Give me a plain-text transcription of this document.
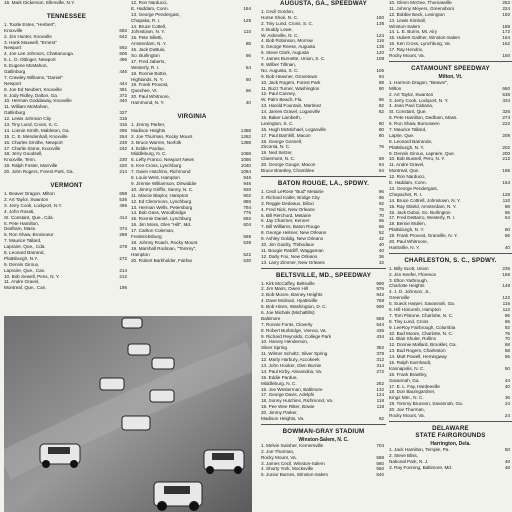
16. Mark Dickerson, Ellenville, N.Y.
TENNESSEE
1. Tootle Estes, "Herbert",
Knoxville	692
2. Jim Hunter, Knoxville	642
3. Hank Maxwell, "Ernest"
Newport	592
4. Joe Lee Johnson, Chattanooga	506
5. L. D. Ottinger, Newport	496
6. Eugene McMahon,
Gatlinburg	446
7. Crawley Williams, "Daniel"
Newport	444
8. Joe Ed Neubert, Knoxville	391
9. Jody Ridley, Dalton, Ga.	372
10. Herman Goddaway, Knoxville	340
11. William McMahan,
Gatlinburg	327
12. Lewis Johnson City	316
13. Tiny Lund, Cross, S. C.	316
14. Lonnie Smith, Mableton, Ga.	296
15. C. E. Mendenhall, Knoxville	264
16. Charles Smithe, Newport	248
17. Charlie Stone, Knoxville	242
18. Jerry Goodsell,
Knoxville, Tenn.	230
19. Ralph Foster, Marrville	220
20. John Rogers, Forest Park, Ga.	214
VERMONT
1. Beaver Dragon, Milton	698
2. Art Taylor, Swanton	536
3. Jerry Cook, Lockport, N.Y.	496
4. John Rosati,
St. Constant, Que., Cda.	414
5. Pete Hamilton,
Dedham, Mass.	374
6. Ron Shaw, Brossoeur	288
7. Maurice Tallard,
Lapraire, Que., Cda.	278
8. Leonard Barrand,
Plattsburgh, N.Y.	272
9. Dennis Giroux,
Lapraire, Que., Can.	214
10. Bob Sewell, Pens, N. Y.	212
11. Andre Gravel,
Montreal, Que., Can.	196
12. Ron Narducci,
E. Haddam, Conn.	164
13. George Pendergast,
Chapaka, R. I.	128
14. Bruce Cottell,
Johnstown, N. Y.	110
15. Pete Silletti,
Amsterdam, N. Y.	88
16. Jack DuBuis,
So. Burlington	66
17. Fred Jaberts,
Westerly, R. I.	64
18. Ronnie Bottin,
Highlands, N. Y.	60
19. Frank Provost,
Quechee, Vt.	56
20. Paul Whitmore,
Hammond, N. Y.	40
VIRGINIA
1. Jimmy Parker,
Madison Heights	1388
2. Joe Thurman, Rocky Mount	1262
3. Bruce Warren, Norfolk	1358
4. Eddie Pardue,
Middleburg, N. C.	1068
5. Lefty Franco, Newport News	1056
6. Ken Cross, Lynchburg	1040
7. Gwen Hutchins, Richmond	1054
8. Louis West, Hampton	946
9. Jimmie Williamson, Dinwiddie	946
10. Jimmy Griffin, Sanny, N. C.	930
11. Marcie Blaylor, Hampton	902
12. Ed Clemmons, Lynchburg	886
13. Herman Wells, Petersburg	794
14. Bob Gass, Woodbridge	776
15. Ronnie Daniel, Lynchburg	692
16. Jim Moss, Glen "Hill", Md.	604
17. Carlton Coleman,
Fredericksburg	568
18. Johnny Roach, Rocky Mount	538
19. Marshall Rodman, "Tommy",
Hampton	522
20. Robert Barkholder, Fairfax	530
AUGUSTA, GA., SPEEDWAY
1. Cecil Gordon,
Horse Shoe, N. C.	160
2. Tiny Lund, Cross, S. C.	138
3. Buddy Lowe,
W. Asheville, N. C.	124
4. Bob Robinson, Morrow	116
5. George Reese, Augusta	136
6. Steve Clark, Augusta	120
7. James Burnette, Union, S. C.	108
8. Wilber Tillman,
No. Augusta, S. C.	106
9. Bob Heavner, Grovetown	94
10. Jack Rogers, Forest Park	88
11. Buzz Turner, Washington	90
12. Paul Canney,
W. Palm Beach, Fla.	86
13. Harold Fountain, Martinez	82
14. James Gravel, Loganville	82
15. Baker Lambeth,
Lexington, S. C.	80
16. Hugh McMichael, Loganville	80
17. Paul Barnhill, Macon	80
18. George Gosnell,
Zirconia, N. C.	76
19. Ned Setzer,
Claremont, N. C.	68
20. George Gouge, Macon	64
Bruce Brantley, Chamblee	64
BATON ROUGE, LA., SPDWY.
1. Cecil LeRose "Bud" Metairie	96
2. Richard Kalter, Bridge City	96
3. Reggie Dedeaux, Biloxi	92
4. Fred Nick, New Orleans	76
5. Bill Rerchord, Metairie	70
6. Jay Charmer, Kenner	66
7. Bill Williams, Baton Rouge	56
8. George Helmer, New Orleans	52
9. Ashley Goldig, New Orleans	42
10. Jim Guidry, Thibodaux	40
11. Boogie Ratcliff, Waggaman	40
12. Darly Fox, New Orleans	36
13. Larry Zimmer, New Orleans	32
BELTSVILLE, MD., SPEEDWAY
1. Kirk McCaffey, Beltsville	990
2. Jim Mairs, Owen Hill	976
3. Bob Moore, Barney Heights	942
4. Dave Molinari, Hyattsville	768
5. Bob Hines, Washington, D. C.	590
6. Joe Michals (Michaltilts)
Baltimore	558
7. Ronnie Fonts, Cloverly	544
8. Robert Burbridge, Vienna, Va.	436
9. Richard Reynolds, College Park	434
10. Harvey Henderson,
Silver Spring	382
11. Wilmer Scholtz, Silver Spring	378
12. Marty Harbury, Accokeek	312
13. John Hooker, Glen Burnie	314
14. Paul Kirby, Alexandria, Va.	272
15. Eddie Pardue,
Middleburg, N. C.	252
16. Joe Westerman, Baltimore	132
17. George Davis, Adelphi	124
18. Sonny Hutchins, Richmond, Va.	118
19. Pee Wee Ritter, Bowie	118
20. Jimmy Parker,
Madison Heights, Va.	92
BOWMAN-GRAY STADIUM
Winston-Salem, N. C.
1. Melvin Swisher, Kernersville	704
2. Joe Thurman,
Rocky Mount, Va.	588
3. James Cecil, Winston-Salem	580
4. Shorty York, Mocksville	560
5. Junior Barnes, Winston-Salem	540
10. Glenn McGee, Thomasville	252
11. Johnny Meyers, Greensboro	224
12. Bobbie Beck, Lexington	192
13. Lewis Kimball,
Winston-Salem	188
14. L. E. Burns, Mt. Airy	172
15. Hubert Gaither, Winston-Salem	164
16. Ken Cross, Lynchburg, Va.	162
17. Ray Hendrix,
Rocky Mount, Va.	150
CATAMOUNT SPEEDWAY
Milton, Vt.
1. Harmon Dragon, "Beaver",
Milton	660
2. Art Taylor, Swanton	536
3. Jerry Cook, Lockport, N. Y.	334
4. Jean Paul Cabana,
St. Constant, Que.	326
5. Pete Hamilton, Dedham, Mass.	274
6. Ron Shaw, Bomoseen	222
7. Maurice Tallard,
Laprie, Que.	208
8. Leonard Barrande,
Plattsburgh, N. Y.	202
9. Dennis Giroux, Lapraire, Que.	200
10. Bob Bussell, Peru, N. Y.	212
11. Andre Gravel,
Montreal, Que.	196
12. Ron Narducci,
E. Haddam, Conn.	164
13. George Pendergast,
Chepachet, R. I.	128
14. Bruce Cottrell, Johnstown, N. Y.	110
15. Ray Stiteld, Amsterdam, N. Y.	88
16. Jack Duboi, So. Burlington	66
17. Fred DeBarro, Westerly, R. I.	64
18. Bernie Mullen,
Plattsburgh, N. Y.	60
19. Frank Provost, Granville, N. Y.	56
20. Paul Whitmore,
Hartsville, N. Y.	40
CHARLESTON, S. C., SPDWY.
1. Billy Scott, Union	236
2. Jim Keefer, Florence	156
3. Elton Yarbrough,
Charlotte Heights	148
4. J. D. Johnson, Jr.,
Greenville	122
5. Sueck Harper, Savannah, Ga.	116
6. Hill Holcomb, Hampton	112
7. Tom Pistone, Charlotte, N. C.	96
8. Tiny Lund, Cross	96
9. LeeRoy Fairbrough, Columbia	92
10. Bud Moore, Charlotte, N. C.	76
11. Blair Shuler, Rollins	70
12. Donnie Mallard, Brooklet, Ga.	68
13. Bud Rogers, Charleston	58
14. Mutt Powell, Hemingway	56
15. Ralph Earnhardt,
Kannapolis, N. C.	50
16. Frank Brantley,
Savannah, Ga.	44
17. E. L. Fay, Hardeeville	40
18. Don Baumgardner,
Kings Mtn., N. C.	36
19. Tommy Bruceon, Savannah, Ga.	24
20. Joe Thurman,
Rocky Mount, Va.	24
DELAWARE
STATE FAIRGROUNDS
Harrington, Dela.
1. Jack Hamilton, Temple, Pa.	50
2. Steve Bliss,
National Park, N. J.	48
3. Ray Fonning, Baltimore, Md.	48
